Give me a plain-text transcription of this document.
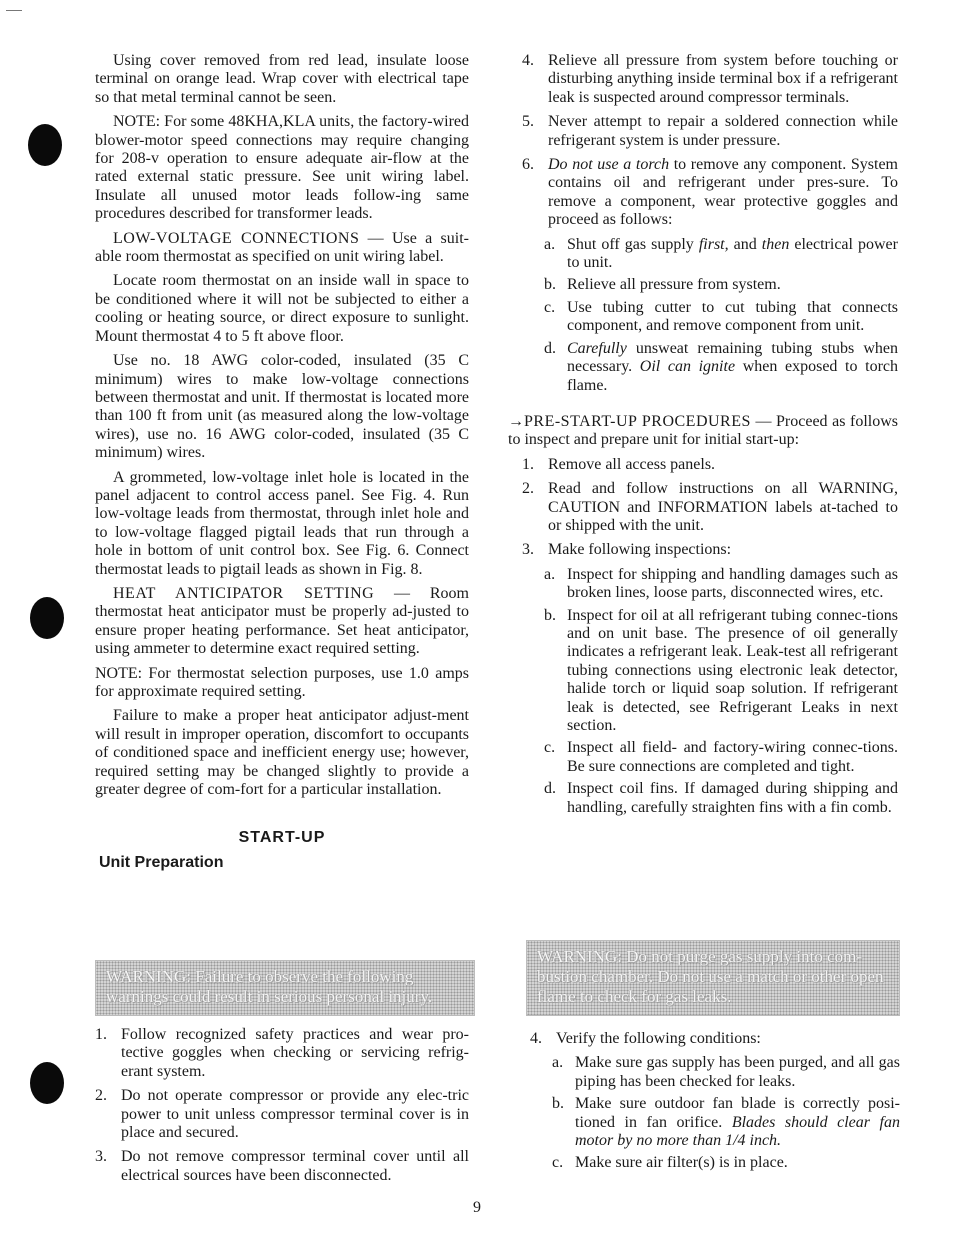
Using cover removed from red lead, insulate loose terminal on orange lead. Wrap cover with electrical tape so that metal terminal cannot be seen.

NOTE: For some 48KHA,KLA units, the factory-wired blower-motor speed connections may require changing for 208-v operation to ensure adequate air-flow at the rated external static pressure. See unit wiring label. Insulate all unused motor leads follow-ing same procedures described for transformer leads.

LOW-VOLTAGE CONNECTIONS — Use a suit-able room thermostat as specified on unit wiring label.

Locate room thermostat on an inside wall in space to be conditioned where it will not be subjected to either a cooling or heating source, or direct exposure to sunlight. Mount thermostat 4 to 5 ft above floor.

Use no. 18 AWG color-coded, insulated (35 C minimum) wires to make low-voltage connections between thermostat and unit. If thermostat is located more than 100 ft from unit (as measured along the low-voltage wires), use no. 16 AWG color-coded, insulated (35 C minimum) wires.

A grommeted, low-voltage inlet hole is located in the panel adjacent to control access panel. See Fig. 4. Run low-voltage leads from thermostat, through inlet hole and to low-voltage flagged pigtail leads that run through a hole in bottom of unit control box. See Fig. 6. Connect thermostat leads to pigtail leads as shown in Fig. 8.

HEAT ANTICIPATOR SETTING — Room thermostat heat anticipator must be properly ad-justed to ensure proper heating performance. Set heat anticipator, using ammeter to determine exact required setting.

NOTE: For thermostat selection purposes, use 1.0 amps for approximate required setting.

Failure to make a proper heat anticipator adjust-ment will result in improper operation, discomfort to occupants of conditioned space and inefficient energy use; however, required setting may be changed slightly to provide a greater degree of com-fort for a particular installation.

START-UP
Unit Preparation
WARNING: Failure to observe the following warnings could result in serious personal injury.
1. Follow recognized safety practices and wear pro-tective goggles when checking or servicing refrig-erant system.
2. Do not operate compressor or provide any elec-tric power to unit unless compressor terminal cover is in place and secured.
3. Do not remove compressor terminal cover until all electrical sources have been disconnected.
4. Relieve all pressure from system before touching or disturbing anything inside terminal box if a refrigerant leak is suspected around compressor terminals.
5. Never attempt to repair a soldered connection while refrigerant system is under pressure.
6. Do not use a torch to remove any component. System contains oil and refrigerant under pres-sure. To remove a component, wear protective goggles and proceed as follows:
a. Shut off gas supply first, and then electrical power to unit.
b. Relieve all pressure from system.
c. Use tubing cutter to cut tubing that connects component, and remove component from unit.
d. Carefully unsweat remaining tubing stubs when necessary. Oil can ignite when exposed to torch flame.

→PRE-START-UP PROCEDURES — Proceed as follows to inspect and prepare unit for initial start-up:

1. Remove all access panels.
2. Read and follow instructions on all WARNING, CAUTION and INFORMATION labels at-tached to or shipped with the unit.
3. Make following inspections:
a. Inspect for shipping and handling damages such as broken lines, loose parts, disconnected wires, etc.
b. Inspect for oil at all refrigerant tubing connec-tions and on unit base. The presence of oil generally indicates a refrigerant leak. Leak-test all refrigerant tubing connections using electronic leak detector, halide torch or liquid soap solution. If refrigerant leak is detected, see Refrigerant Leaks in next section.
c. Inspect all field- and factory-wiring connec-tions. Be sure connections are completed and tight.
d. Inspect coil fins. If damaged during shipping and handling, carefully straighten fins with a fin comb.
WARNING: Do not purge gas supply into com-bustion chamber. Do not use a match or other open flame to check for gas leaks.
4. Verify the following conditions:
a. Make sure gas supply has been purged, and all gas piping has been checked for leaks.
b. Make sure outdoor fan blade is correctly posi-tioned in fan orifice. Blades should clear fan motor by no more than 1/4 inch.
c. Make sure air filter(s) is in place.
9
